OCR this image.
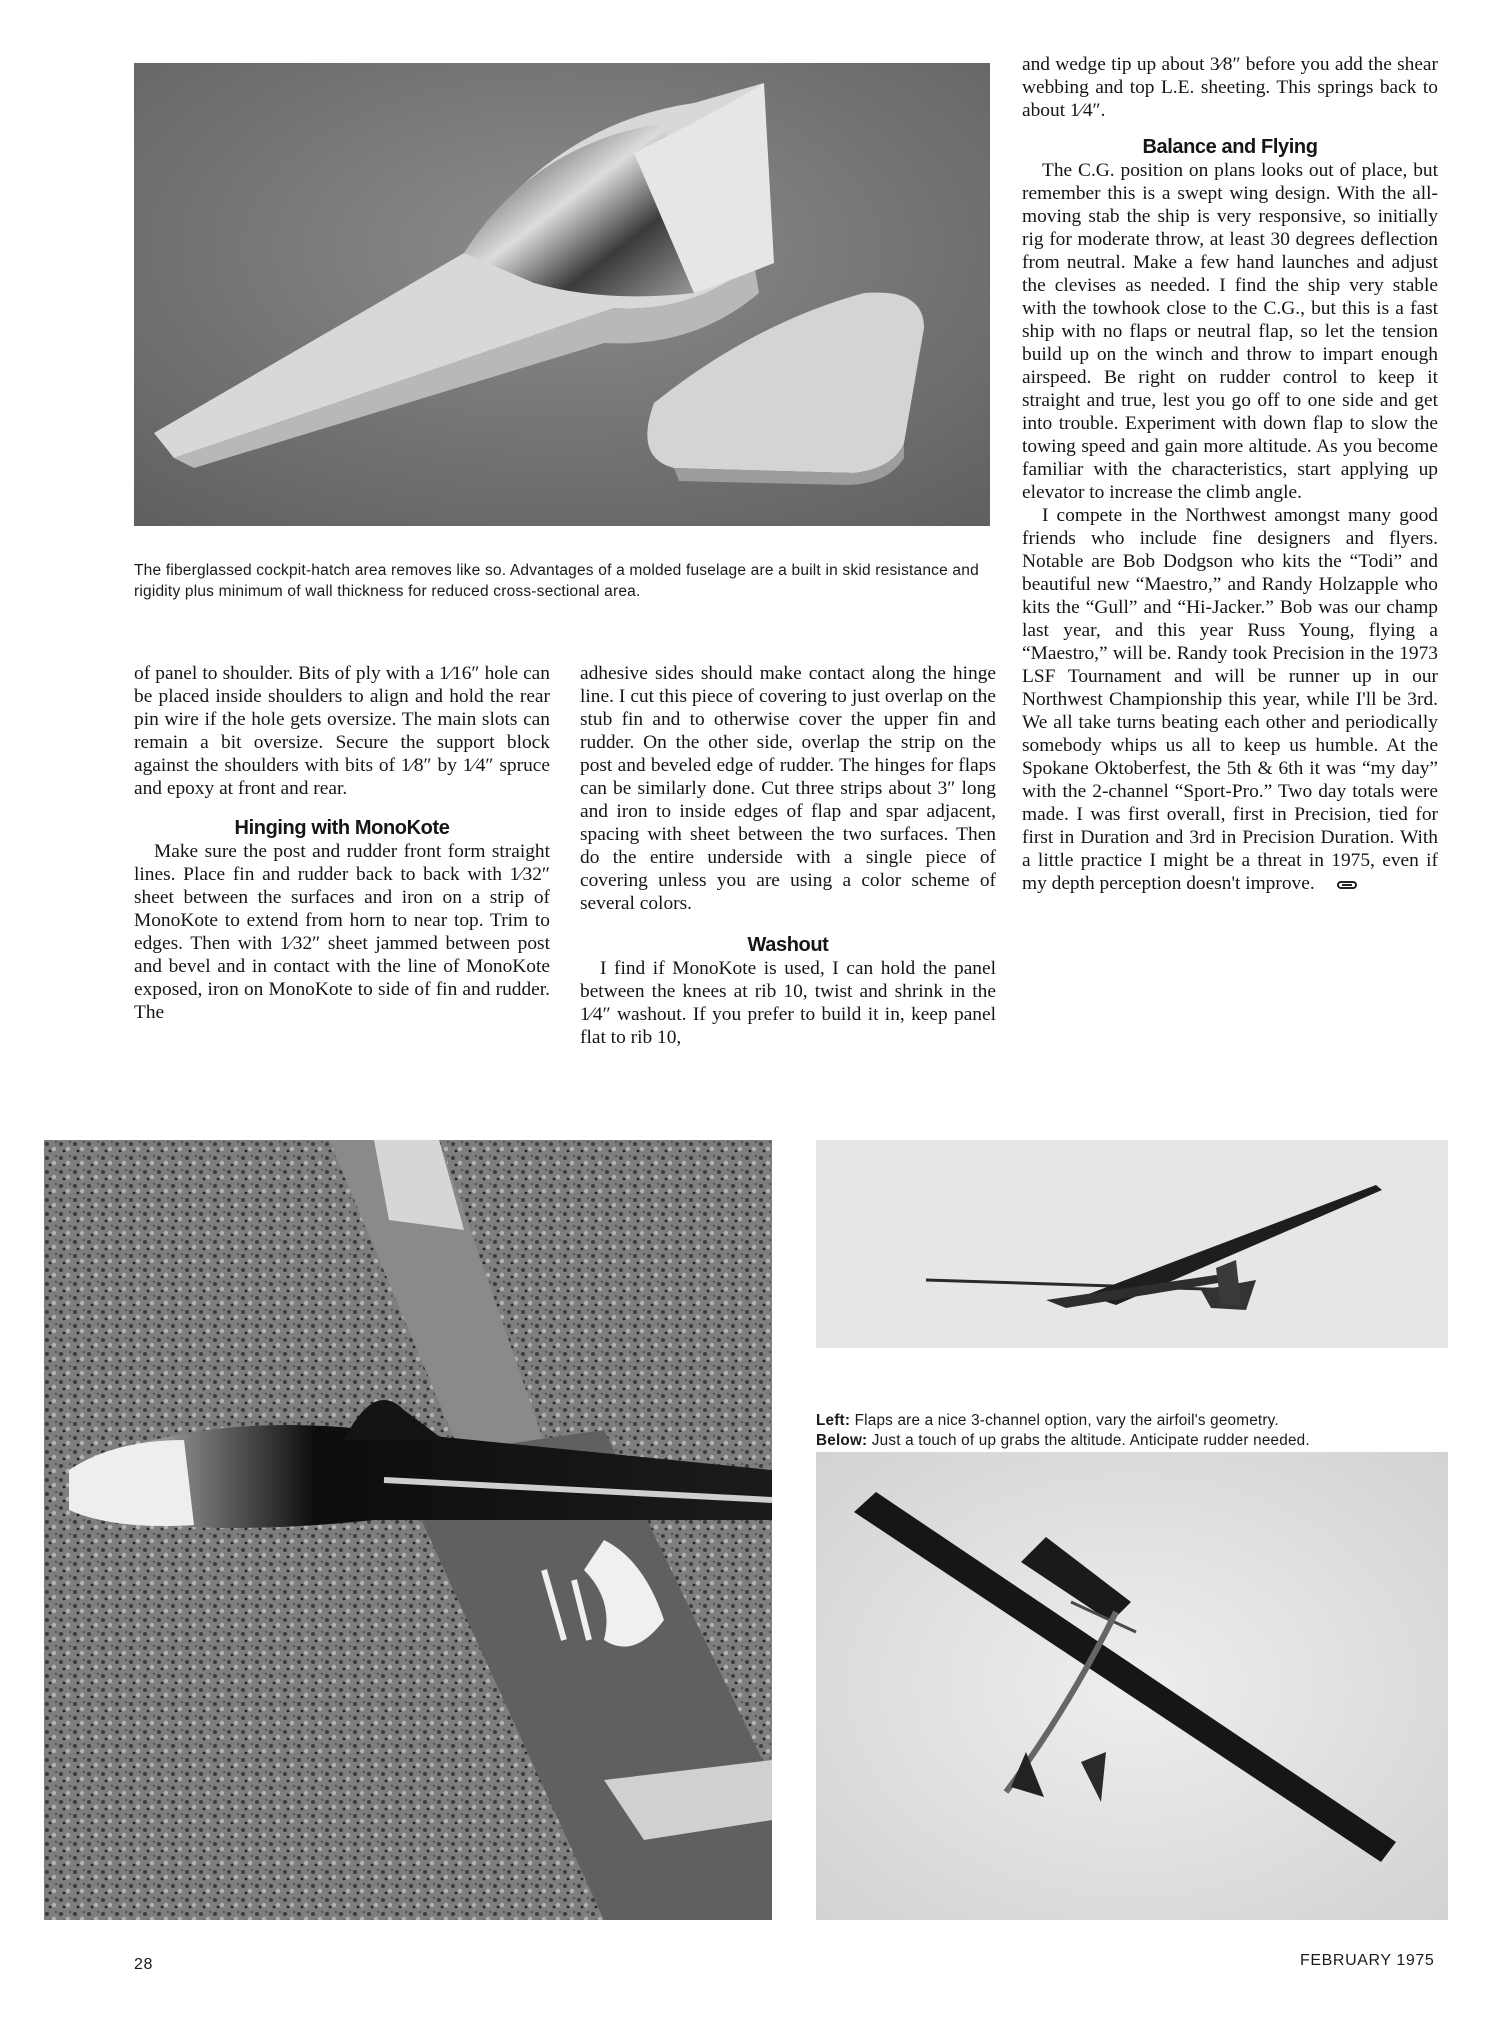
The fiberglassed cockpit-hatch area removes like so. Advantages of a molded fuselage are a built in skid resistance and rigidity plus minimum of wall thickness for reduced cross-sectional area.

of panel to shoulder. Bits of ply with a 1⁄16″ hole can be placed inside shoulders to align and hold the rear pin wire if the hole gets oversize. The main slots can remain a bit oversize. Secure the support block against the shoulders with bits of 1⁄8″ by 1⁄4″ spruce and epoxy at front and rear.

Hinging with MonoKote

Make sure the post and rudder front form straight lines. Place fin and rudder back to back with 1⁄32″ sheet between the surfaces and iron on a strip of MonoKote to extend from horn to near top. Trim to edges. Then with 1⁄32″ sheet jammed between post and bevel and in contact with the line of MonoKote exposed, iron on MonoKote to side of fin and rudder. The

adhesive sides should make contact along the hinge line. I cut this piece of covering to just overlap on the stub fin and to otherwise cover the upper fin and rudder. On the other side, overlap the strip on the post and beveled edge of rudder. The hinges for flaps can be similarly done. Cut three strips about 3″ long and iron to inside edges of flap and spar adjacent, spacing with sheet between the two surfaces. Then do the entire underside with a single piece of covering unless you are using a color scheme of several colors.

Washout

I find if MonoKote is used, I can hold the panel between the knees at rib 10, twist and shrink in the 1⁄4″ washout. If you prefer to build it in, keep panel flat to rib 10,

and wedge tip up about 3⁄8″ before you add the shear webbing and top L.E. sheeting. This springs back to about 1⁄4″.

Balance and Flying

The C.G. position on plans looks out of place, but remember this is a swept wing design. With the all-moving stab the ship is very responsive, so initially rig for moderate throw, at least 30 degrees deflection from neutral. Make a few hand launches and adjust the clevises as needed. I find the ship very stable with the towhook close to the C.G., but this is a fast ship with no flaps or neutral flap, so let the tension build up on the winch and throw to impart enough airspeed. Be right on rudder control to keep it straight and true, lest you go off to one side and get into trouble. Experiment with down flap to slow the towing speed and gain more altitude. As you become familiar with the characteristics, start applying up elevator to increase the climb angle.

I compete in the Northwest amongst many good friends who include fine designers and flyers. Notable are Bob Dodgson who kits the “Todi” and beautiful new “Maestro,” and Randy Holzapple who kits the “Gull” and “Hi-Jacker.” Bob was our champ last year, and this year Russ Young, flying a “Maestro,” will be. Randy took Precision in the 1973 LSF Tournament and will be runner up in our Northwest Championship this year, while I'll be 3rd. We all take turns beating each other and periodically somebody whips us all to keep us humble. At the Spokane Oktoberfest, the 5th & 6th it was “my day” with the 2-channel “Sport-Pro.” Two day totals were made. I was first overall, first in Precision, tied for first in Duration and 3rd in Precision Duration. With a little practice I might be a threat in 1975, even if my depth perception doesn't improve.

Left: Flaps are a nice 3-channel option, vary the airfoil's geometry.
Below: Just a touch of up grabs the altitude. Anticipate rudder needed.
28	FEBRUARY 1975
